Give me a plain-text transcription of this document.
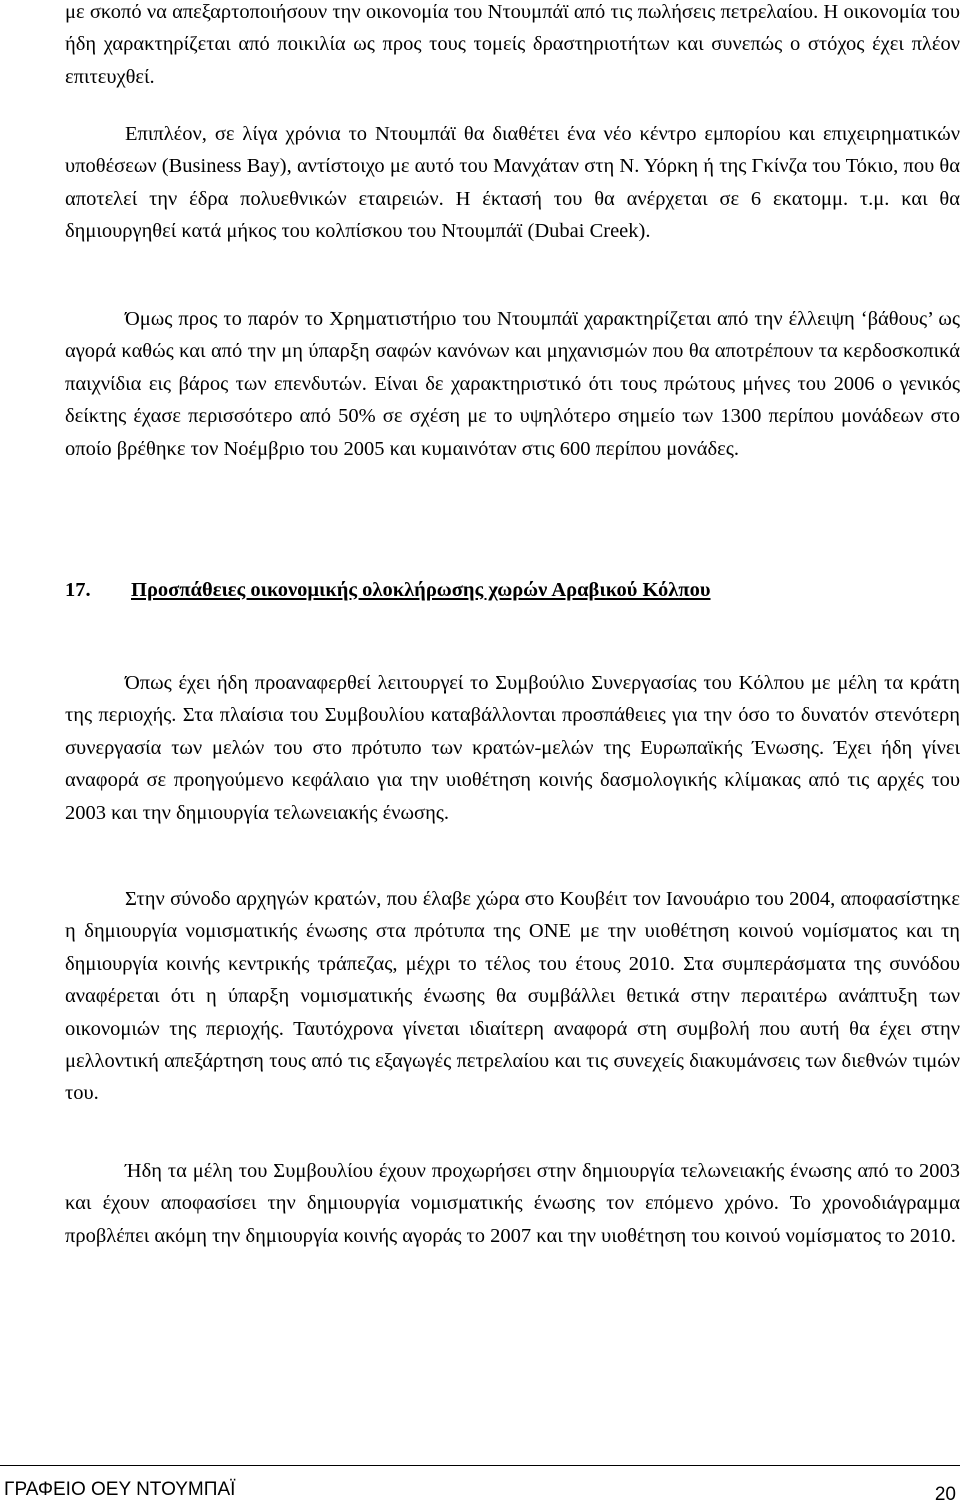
με σκοπό να απεξαρτοποιήσουν την οικονομία του Ντουμπάϊ από τις πωλήσεις πετρελαίου. Η οικονομία του ήδη χαρακτηρίζεται από ποικιλία ως προς τους τομείς δραστηριοτήτων και συνεπώς ο στόχος έχει πλέον επιτευχθεί.

Επιπλέον, σε λίγα χρόνια το Ντουμπάϊ θα διαθέτει ένα νέο κέντρο εμπορίου και επιχειρηματικών υποθέσεων (Business Bay), αντίστοιχο με αυτό του Μανχάταν στη Ν. Υόρκη ή της Γκίνζα του Τόκιο, που θα αποτελεί την έδρα πολυεθνικών εταιρειών. Η έκτασή του θα ανέρχεται σε 6 εκατομμ. τ.μ. και θα δημιουργηθεί κατά μήκος του κολπίσκου του Ντουμπάϊ (Dubai Creek).

Όμως προς το παρόν το Χρηματιστήριο του Ντουμπάϊ χαρακτηρίζεται από την έλλειψη ‘βάθους’ ως αγορά καθώς και από την μη ύπαρξη σαφών κανόνων και μηχανισμών που θα αποτρέπουν τα κερδοσκοπικά παιχνίδια εις βάρος των επενδυτών. Είναι δε χαρακτηριστικό ότι τους πρώτους μήνες του 2006 ο γενικός δείκτης έχασε περισσότερο από 50% σε σχέση με το υψηλότερο σημείο των 1300 περίπου μονάδεων στο οποίο βρέθηκε τον Νοέμβριο του 2005 και κυμαινόταν στις 600 περίπου μονάδες.

17. Προσπάθειες οικονομικής ολοκλήρωσης χωρών Αραβικού Κόλπου

Όπως έχει ήδη προαναφερθεί λειτουργεί το Συμβούλιο Συνεργασίας του Κόλπου με μέλη τα κράτη της περιοχής. Στα πλαίσια του Συμβουλίου καταβάλλονται προσπάθειες για την όσο το δυνατόν στενότερη συνεργασία των μελών του στο πρότυπο των κρατών-μελών της Ευρωπαϊκής Ένωσης. Έχει ήδη γίνει αναφορά σε προηγούμενο κεφάλαιο για την υιοθέτηση κοινής δασμολογικής κλίμακας από τις αρχές του 2003 και την δημιουργία τελωνειακής ένωσης.

Στην σύνοδο αρχηγών κρατών, που έλαβε χώρα στο Κουβέιτ τον Ιανουάριο του 2004, αποφασίστηκε η δημιουργία νομισματικής ένωσης στα πρότυπα της ΟΝΕ με την υιοθέτηση κοινού νομίσματος και τη δημιουργία κοινής κεντρικής τράπεζας, μέχρι το τέλος του έτους 2010. Στα συμπεράσματα της συνόδου αναφέρεται ότι η ύπαρξη νομισματικής ένωσης θα συμβάλλει θετικά στην περαιτέρω ανάπτυξη των οικονομιών της περιοχής. Ταυτόχρονα γίνεται ιδιαίτερη αναφορά στη συμβολή που αυτή θα έχει στην μελλοντική απεξάρτηση τους από τις εξαγωγές πετρελαίου και τις συνεχείς διακυμάνσεις των διεθνών τιμών του.

Ήδη τα μέλη του Συμβουλίου έχουν προχωρήσει στην δημιουργία τελωνειακής ένωσης από το 2003 και έχουν αποφασίσει την δημιουργία νομισματικής ένωσης τον επόμενο χρόνο. Το χρονοδιάγραμμα προβλέπει ακόμη την δημιουργία κοινής αγοράς το 2007 και την υιοθέτηση του κοινού νομίσματος το 2010.

ΓΡΑΦΕΙΟ ΟΕΥ ΝΤΟΥΜΠΑΪ	20
